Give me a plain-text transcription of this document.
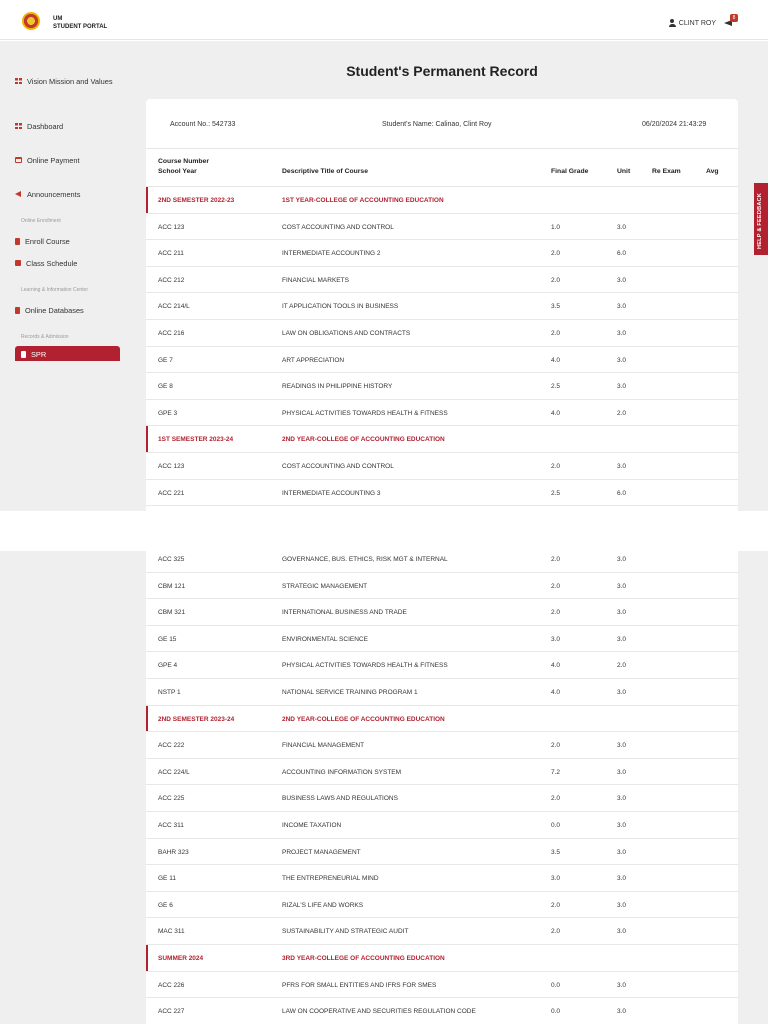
UM
STUDENT PORTAL
CLINT ROY
8
Vision Mission and Values
Dashboard
Online Payment
Announcements
Online Enrollment
Enroll Course
Class Schedule
Learning & Information Center
Online Databases
Records & Admission
SPR
Student's Permanent Record
Account No.: 542733	Student's Name: Calinao, Clint Roy	06/20/2024 21:43:29
Course Number
School Year	Descriptive Title of Course	Final Grade	Unit	Re Exam	Avg
2ND SEMESTER 2022-23	1ST YEAR-COLLEGE OF ACCOUNTING EDUCATION
ACC 123	COST ACCOUNTING AND CONTROL	1.0	3.0
ACC 211	INTERMEDIATE ACCOUNTING 2	2.0	6.0
ACC 212	FINANCIAL MARKETS	2.0	3.0
ACC 214/L	IT APPLICATION TOOLS IN BUSINESS	3.5	3.0
ACC 216	LAW ON OBLIGATIONS AND CONTRACTS	2.0	3.0
GE 7	ART APPRECIATION	4.0	3.0
GE 8	READINGS IN PHILIPPINE HISTORY	2.5	3.0
GPE 3	PHYSICAL ACTIVITIES TOWARDS HEALTH & FITNESS	4.0	2.0
1ST SEMESTER 2023-24	2ND YEAR-COLLEGE OF ACCOUNTING EDUCATION
ACC 123	COST ACCOUNTING AND CONTROL	2.0	3.0
ACC 221	INTERMEDIATE ACCOUNTING 3	2.5	6.0
HELP & FEEDBACK
ACC 325	GOVERNANCE, BUS. ETHICS, RISK MGT & INTERNAL	2.0	3.0
CBM 121	STRATEGIC MANAGEMENT	2.0	3.0
CBM 321	INTERNATIONAL BUSINESS AND TRADE	2.0	3.0
GE 15	ENVIRONMENTAL SCIENCE	3.0	3.0
GPE 4	PHYSICAL ACTIVITIES TOWARDS HEALTH & FITNESS	4.0	2.0
NSTP 1	NATIONAL SERVICE TRAINING PROGRAM 1	4.0	3.0
2ND SEMESTER 2023-24	2ND YEAR-COLLEGE OF ACCOUNTING EDUCATION
ACC 222	FINANCIAL MANAGEMENT	2.0	3.0
ACC 224/L	ACCOUNTING INFORMATION SYSTEM	7.2	3.0
ACC 225	BUSINESS LAWS AND REGULATIONS	2.0	3.0
ACC 311	INCOME TAXATION	0.0	3.0
BAHR 323	PROJECT MANAGEMENT	3.5	3.0
GE 11	THE ENTREPRENEURIAL MIND	3.0	3.0
GE 6	RIZAL'S LIFE AND WORKS	2.0	3.0
MAC 311	SUSTAINABILITY AND STRATEGIC AUDIT	2.0	3.0
SUMMER 2024	3RD YEAR-COLLEGE OF ACCOUNTING EDUCATION
ACC 226	PFRS FOR SMALL ENTITIES AND IFRS FOR SMES	0.0	3.0
ACC 227	LAW ON COOPERATIVE AND SECURITIES REGULATION CODE	0.0	3.0
